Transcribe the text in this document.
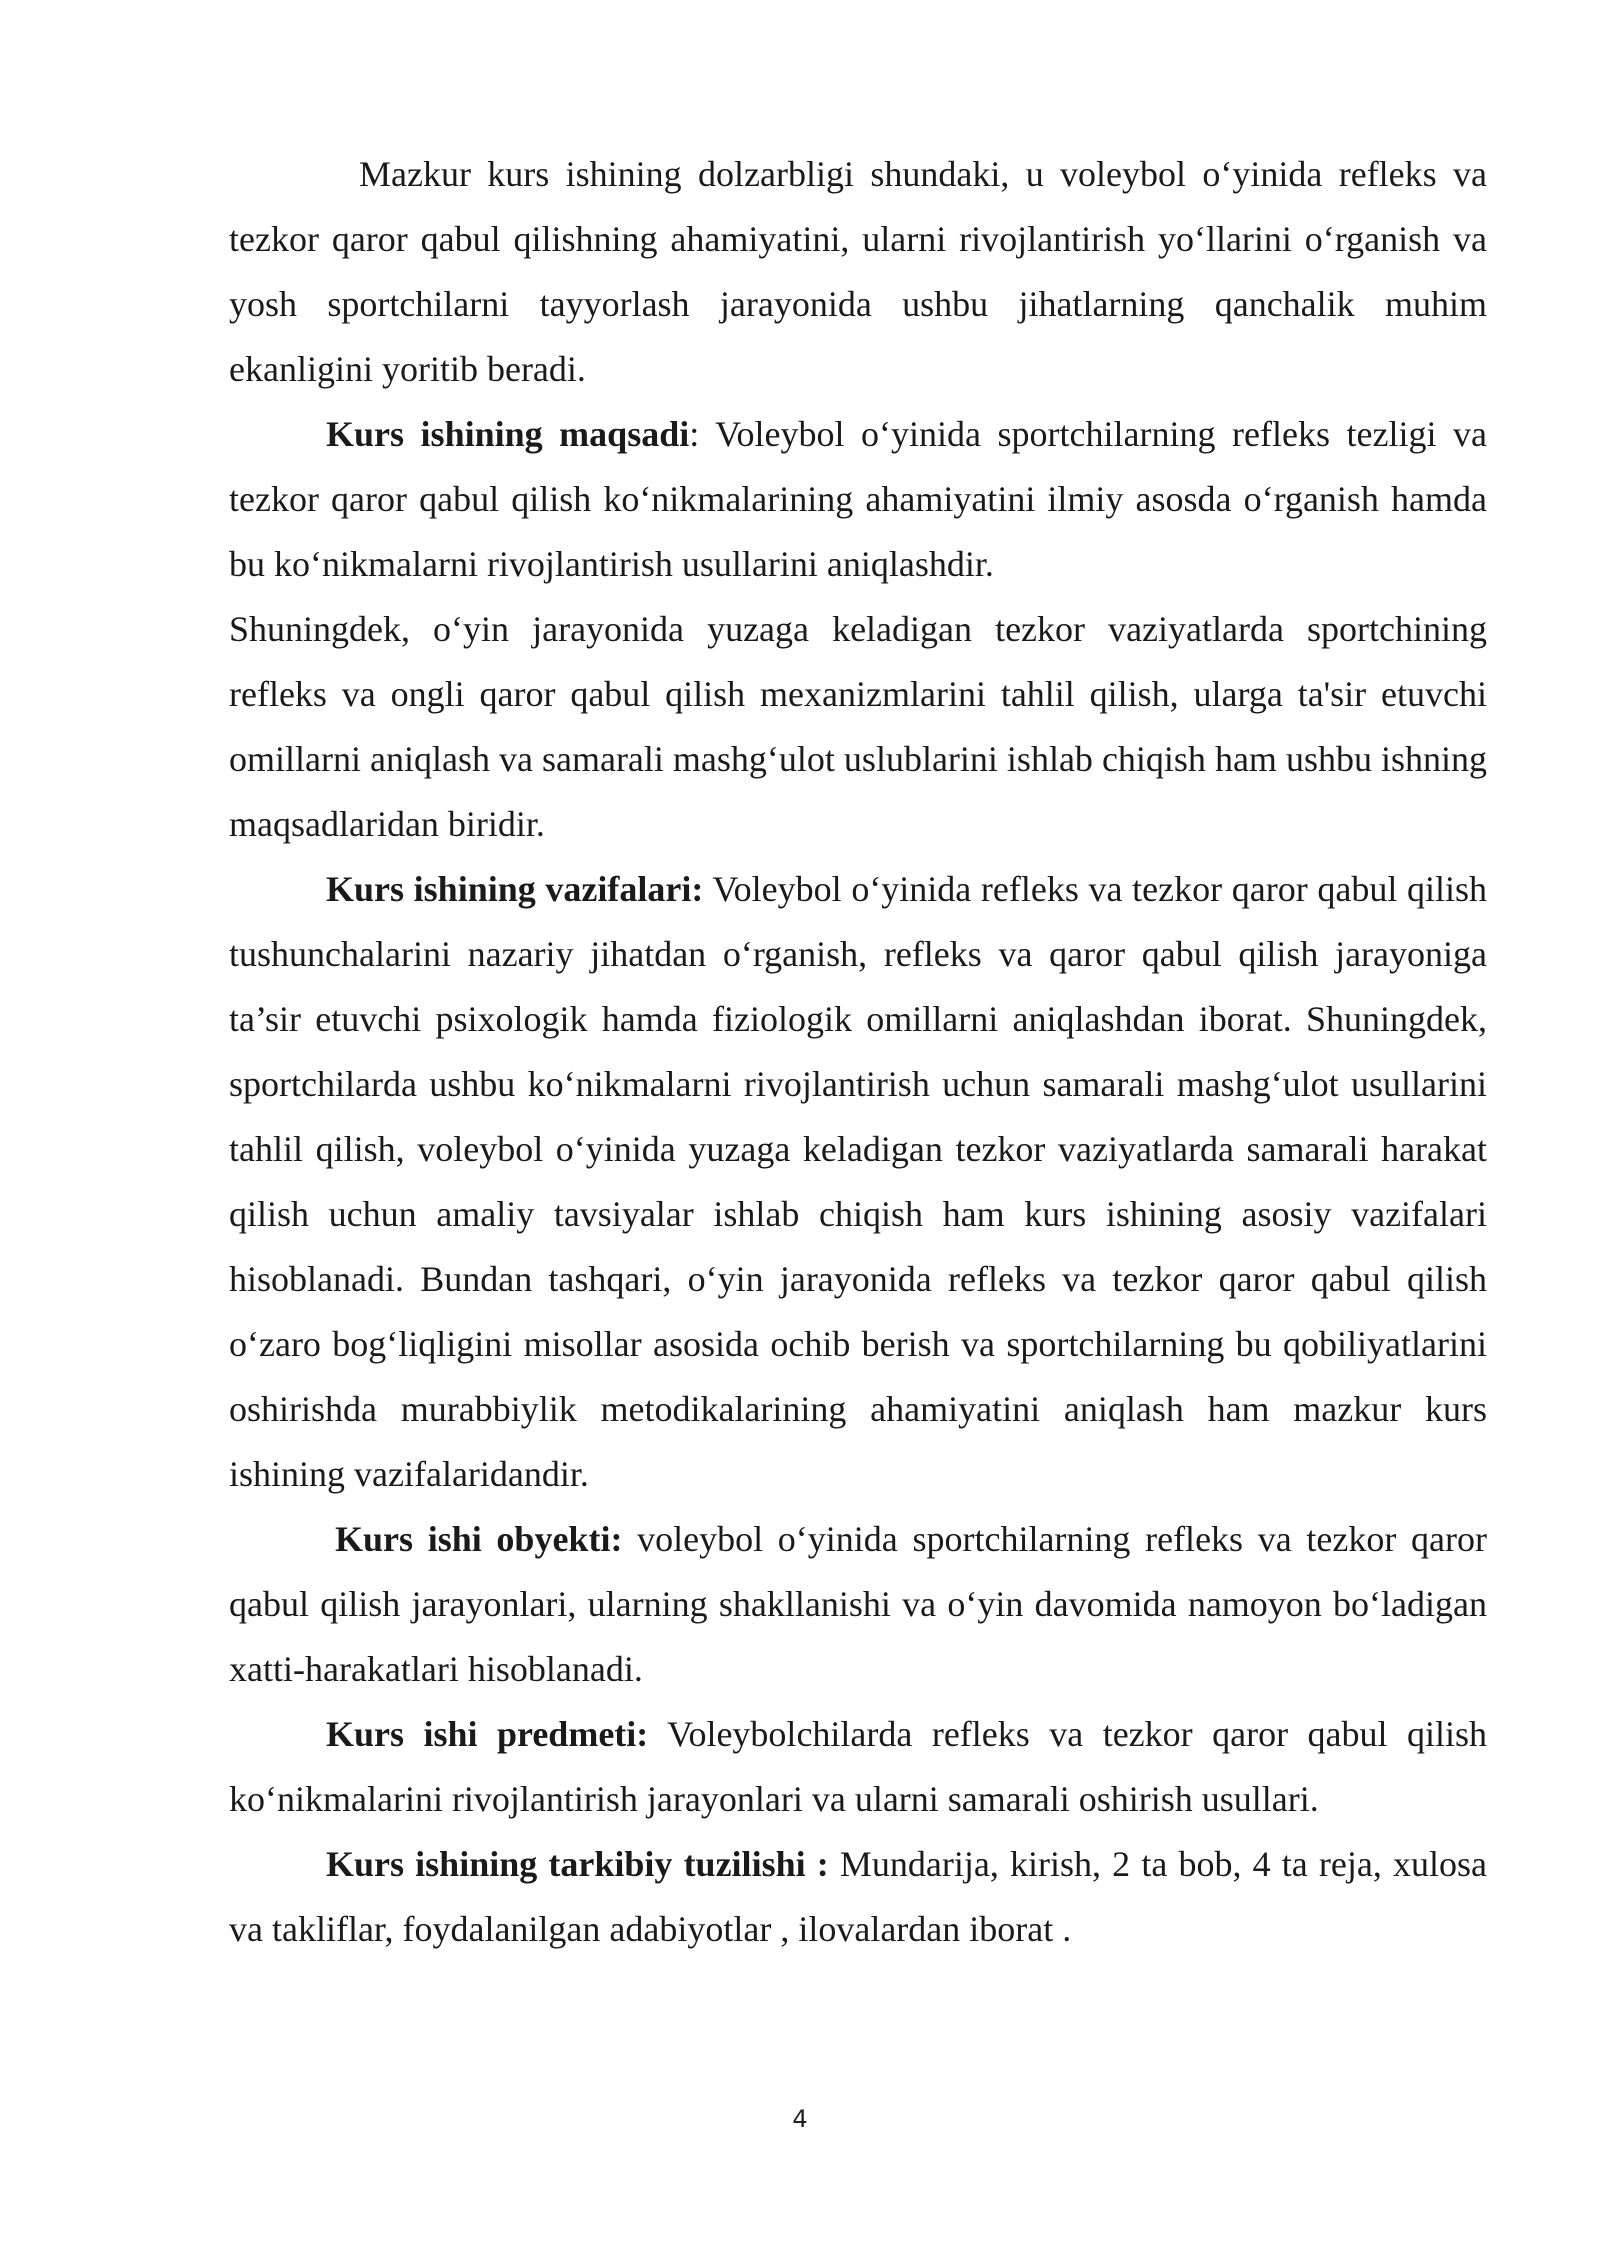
Mazkur kurs ishining dolzarbligi shundaki, u voleybol o‘yinida refleks va tezkor qaror qabul qilishning ahamiyatini, ularni rivojlantirish yo‘llarini o‘rganish va yosh sportchilarni tayyorlash jarayonida ushbu jihatlarning qanchalik muhim ekanligini yoritib beradi.

Kurs ishining maqsadi: Voleybol o‘yinida sportchilarning refleks tezligi va tezkor qaror qabul qilish ko‘nikmalarining ahamiyatini ilmiy asosda o‘rganish hamda bu ko‘nikmalarni rivojlantirish usullarini aniqlashdir.

Shuningdek, o‘yin jarayonida yuzaga keladigan tezkor vaziyatlarda sportchining refleks va ongli qaror qabul qilish mexanizmlarini tahlil qilish, ularga ta'sir etuvchi omillarni aniqlash va samarali mashg‘ulot uslublarini ishlab chiqish ham ushbu ishning maqsadlaridan biridir.

Kurs ishining vazifalari: Voleybol o‘yinida refleks va tezkor qaror qabul qilish tushunchalarini nazariy jihatdan o‘rganish, refleks va qaror qabul qilish jarayoniga ta’sir etuvchi psixologik hamda fiziologik omillarni aniqlashdan iborat. Shuningdek, sportchilarda ushbu ko‘nikmalarni rivojlantirish uchun samarali mashg‘ulot usullarini tahlil qilish, voleybol o‘yinida yuzaga keladigan tezkor vaziyatlarda samarali harakat qilish uchun amaliy tavsiyalar ishlab chiqish ham kurs ishining asosiy vazifalari hisoblanadi. Bundan tashqari, o‘yin jarayonida refleks va tezkor qaror qabul qilish o‘zaro bog‘liqligini misollar asosida ochib berish va sportchilarning bu qobiliyatlarini oshirishda murabbiylik metodikalarining ahamiyatini aniqlash ham mazkur kurs ishining vazifalaridandir.

Kurs ishi obyekti: voleybol o‘yinida sportchilarning refleks va tezkor qaror qabul qilish jarayonlari, ularning shakllanishi va o‘yin davomida namoyon bo‘ladigan xatti-harakatlari hisoblanadi.

Kurs ishi predmeti: Voleybolchilarda refleks va tezkor qaror qabul qilish ko‘nikmalarini rivojlantirish jarayonlari va ularni samarali oshirish usullari.

Kurs ishining tarkibiy tuzilishi : Mundarija, kirish, 2 ta bob, 4 ta reja, xulosa va takliflar, foydalanilgan adabiyotlar , ilovalardan iborat .

4
